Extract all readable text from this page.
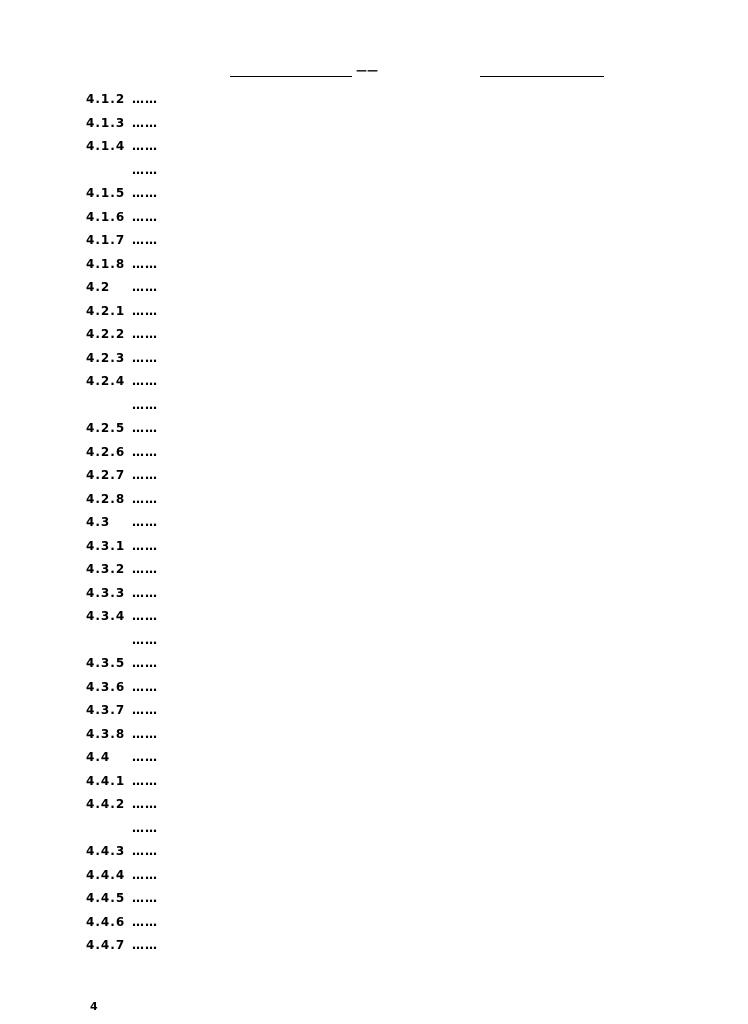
——
4.1.2 ……
4.1.3 ……
4.1.4 ……
……
4.1.5 ……
4.1.6 ……
4.1.7 ……
4.1.8 ……
4.2	……
4.2.1 ……
4.2.2 ……
4.2.3 ……
4.2.4 ……
……
4.2.5 ……
4.2.6 ……
4.2.7 ……
4.2.8 ……
4.3	……
4.3.1 ……
4.3.2 ……
4.3.3 ……
4.3.4 ……
……
4.3.5 ……
4.3.6 ……
4.3.7 ……
4.3.8 ……
4.4	……
4.4.1 ……
4.4.2 ……
……
4.4.3 ……
4.4.4 ……
4.4.5 ……
4.4.6 ……
4.4.7 ……
4
